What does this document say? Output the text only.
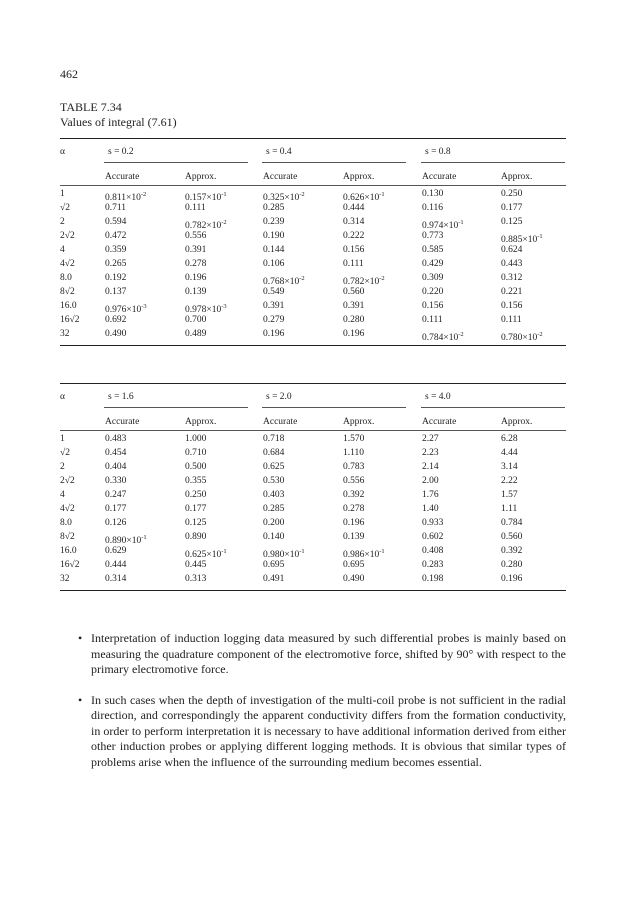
462
TABLE 7.34
Values of integral (7.61)
α	s = 0.2	s = 0.4	s = 0.8
Accurate	Approx.	Accurate	Approx.	Accurate	Approx.
1	$0.811\times 10^{-2}$	$0.157\times 10^{-1}$	$0.325\times 10^{-2}$	$0.626\times 10^{-1}$	0.130	0.250
√2	0.711	0.111	0.285	0.444	0.116	0.177
2	0.594	$0.782\times 10^{-2}$	0.239	0.314	$0.974\times 10^{-1}$	0.125
2√2	0.472	0.556	0.190	0.222	0.773	$0.885\times 10^{-1}$
4	0.359	0.391	0.144	0.156	0.585	0.624
4√2	0.265	0.278	0.106	0.111	0.429	0.443
8.0	0.192	0.196	$0.768\times 10^{-2}$	$0.782\times 10^{-2}$	0.309	0.312
8√2	0.137	0.139	0.549	0.560	0.220	0.221
16.0	$0.976\times 10^{-3}$	$0.978\times 10^{-3}$	0.391	0.391	0.156	0.156
16√2	0.692	0.700	0.279	0.280	0.111	0.111
32	0.490	0.489	0.196	0.196	$0.784\times 10^{-2}$	$0.780\times 10^{-2}$
α	s = 1.6	s = 2.0	s = 4.0
Accurate	Approx.	Accurate	Approx.	Accurate	Approx.
1	0.483	1.000	0.718	1.570	2.27	6.28
√2	0.454	0.710	0.684	1.110	2.23	4.44
2	0.404	0.500	0.625	0.783	2.14	3.14
2√2	0.330	0.355	0.530	0.556	2.00	2.22
4	0.247	0.250	0.403	0.392	1.76	1.57
4√2	0.177	0.177	0.285	0.278	1.40	1.11
8.0	0.126	0.125	0.200	0.196	0.933	0.784
8√2	$0.890\times 10^{-1}$	0.890	0.140	0.139	0.602	0.560
16.0	0.629	$0.625\times 10^{-1}$	$0.980\times 10^{-1}$	$0.986\times 10^{-1}$	0.408	0.392
16√2	0.444	0.445	0.695	0.695	0.283	0.280
32	0.314	0.313	0.491	0.490	0.198	0.196
• Interpretation of induction logging data measured by such differential probes is mainly based on measuring the quadrature component of the electromotive force, shifted by 90° with respect to the primary electromotive force.
• In such cases when the depth of investigation of the multi-coil probe is not sufficient in the radial direction, and correspondingly the apparent conductivity differs from the formation conductivity, in order to perform interpretation it is necessary to have additional information derived from either other induction probes or applying different logging methods. It is obvious that similar types of problems arise when the influence of the surrounding medium becomes essential.
